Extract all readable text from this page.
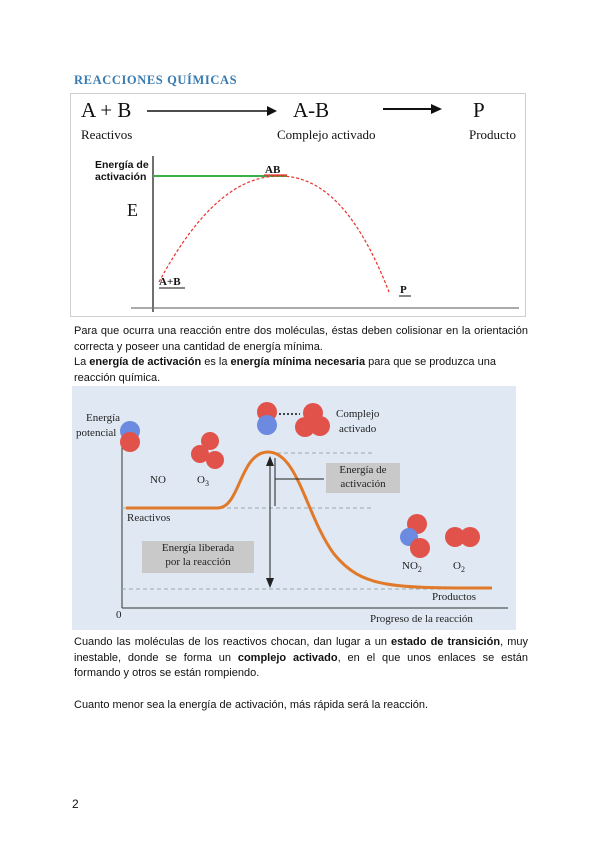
REACCIONES QUÍMICAS
A + B	A-B	P
Reactivos	Complejo activado	Producto
Energía de
activación
E
AB
A+B
P
Para que ocurra una reacción entre dos moléculas, éstas deben colisionar en la orientación correcta y poseer una cantidad de energía mínima.
La energía de activación es la energía mínima necesaria para que se produzca una reacción química.
Energía
potencial
NO	$O_3$
Complejo
activado
Energía de
activación
Reactivos
Energía liberada
por la reacción	$NO_2$	$O_2$
Productos
0	Progreso de la reacción
Cuando las moléculas de los reactivos chocan, dan lugar a un estado de transición, muy inestable, donde se forma un complejo activado, en el que unos enlaces se están formando y otros se están rompiendo.
Cuanto menor sea la energía de activación, más rápida será la reacción.
2
